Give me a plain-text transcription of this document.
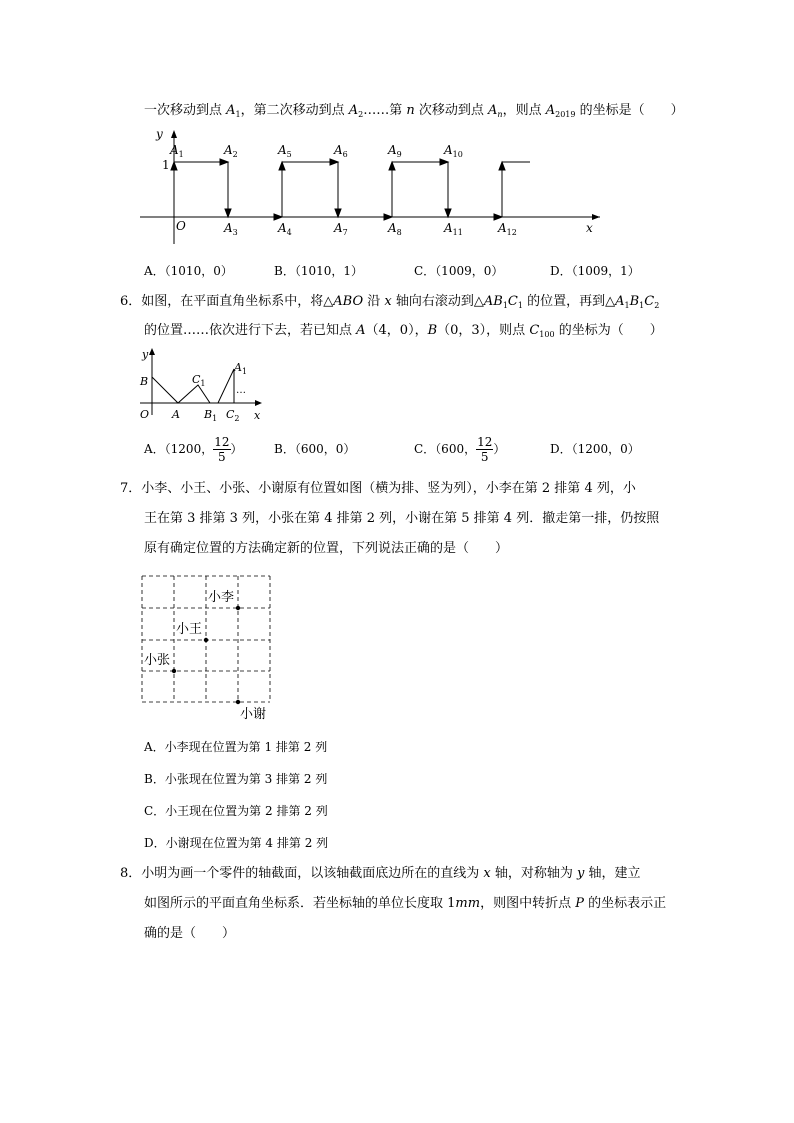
一次移动到点 $A_1$，第二次移动到点 $A_2\dots\dots$第 n 次移动到点 $A_n$，则点 $A_{2019}$ 的坐标是（　　）
y
x
O
1
$A_1$	$A_2$
$A_3$	$A_4$
$A_5$	$A_6$
$A_7$	$A_8$
$A_9$	$A_{10}$
$A_{11}$	$A_{12}$
A．（1010，0）	B．（1010，1）	C．（1009，0）	D．（1009，1）
6．如图，在平面直角坐标系中，将△ABO 沿 x 轴向右滚动到$\triangle AB_1C_1$ 的位置，再到$\triangle A_1B_1C_2$
的位置……依次进行下去，若已知点 A（4，0），B（0，3），则点 $C_{100}$ 的坐标为（　　）
y
x
O
B
A
$C_1$
$B_1$ $C_2$
$A_1$
…
A．（1200， $\frac{12}{5}$ ）	B．（600，0）	C．（600， $\frac{12}{5}$ ）	D．（1200，0）
7．小李、小王、小张、小谢原有位置如图（横为排、竖为列），小李在第 2 排第 4 列，小
王在第 3 排第 3 列，小张在第 4 排第 2 列，小谢在第 5 排第 4 列．撤走第一排，仍按照
原有确定位置的方法确定新的位置，下列说法正确的是（　　）
小李
小王
小张
小谢
A．小李现在位置为第 1 排第 2 列
B．小张现在位置为第 3 排第 2 列
C．小王现在位置为第 2 排第 2 列
D．小谢现在位置为第 4 排第 2 列
8．小明为画一个零件的轴截面，以该轴截面底边所在的直线为 x 轴，对称轴为 y 轴，建立
如图所示的平面直角坐标系．若坐标轴的单位长度取 1mm，则图中转折点 P 的坐标表示正
确的是（　　）
